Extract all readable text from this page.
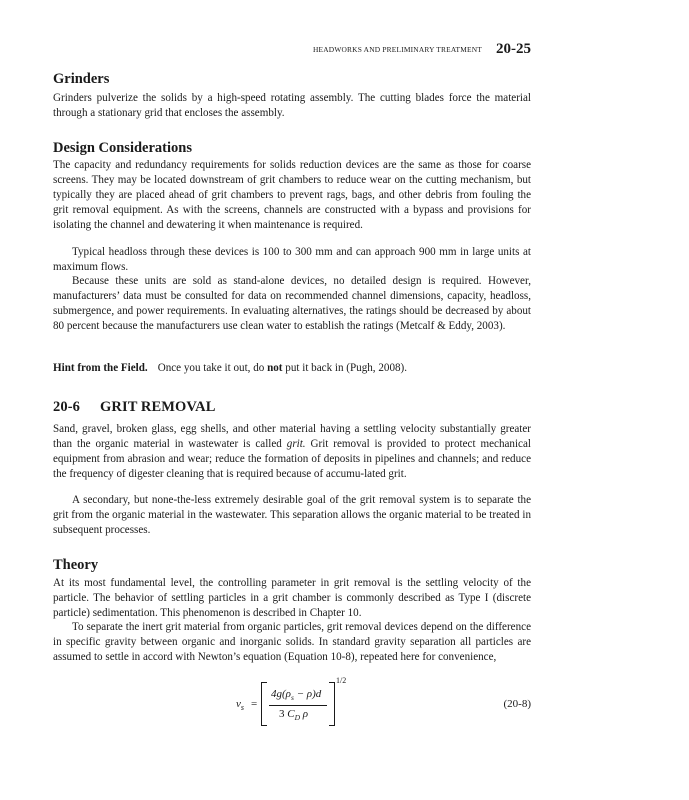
HEADWORKS AND PRELIMINARY TREATMENT 20-25
Grinders

Grinders pulverize the solids by a high-speed rotating assembly. The cutting blades force the material through a stationary grid that encloses the assembly.

Design Considerations

The capacity and redundancy requirements for solids reduction devices are the same as those for coarse screens. They may be located downstream of grit chambers to reduce wear on the cutting mechanism, but typically they are placed ahead of grit chambers to prevent rags, bags, and other debris from fouling the grit removal equipment. As with the screens, channels are constructed with a bypass and provisions for isolating the channel and dewatering it when maintenance is required.

Typical headloss through these devices is 100 to 300 mm and can approach 900 mm in large units at maximum flows.

Because these units are sold as stand-alone devices, no detailed design is required. However, manufacturers’ data must be consulted for data on recommended channel dimensions, capacity, headloss, submergence, and power requirements. In evaluating alternatives, the ratings should be decreased by about 80 percent because the manufacturers use clean water to establish the ratings (Metcalf & Eddy, 2003).

Hint from the Field. Once you take it out, do not put it back in (Pugh, 2008).

20-6 GRIT REMOVAL

Sand, gravel, broken glass, egg shells, and other material having a settling velocity substantially greater than the organic material in wastewater is called grit. Grit removal is provided to protect mechanical equipment from abrasion and wear; reduce the formation of deposits in pipelines and channels; and reduce the frequency of digester cleaning that is required because of accumu-lated grit.

A secondary, but none-the-less extremely desirable goal of the grit removal system is to separate the grit from the organic material in the wastewater. This separation allows the organic material to be treated in subsequent processes.

Theory

At its most fundamental level, the controlling parameter in grit removal is the settling velocity of the particle. The behavior of settling particles in a grit chamber is commonly described as Type I (discrete particle) sedimentation. This phenomenon is described in Chapter 10.

To separate the inert grit material from organic particles, grit removal devices depend on the difference in specific gravity between organic and inorganic solids. In standard gravity separation all particles are assumed to settle in accord with Newton’s equation (Equation 10-8), repeated here for convenience,

$v_s$ =
$4g(\rho_s - \rho)d$
3 $C_D$ ρ
1/2
(20-8)
